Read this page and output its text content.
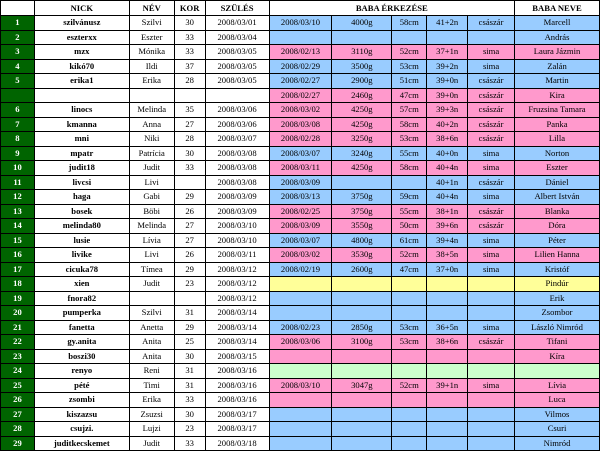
	NICK	NÉV	KOR	SZÜLÉS	BABA ÉRKEZÉSE					BABA NEVE
1	szilvánusz	Szilvi	30	2008/03/01	2008/03/10	4000g	58cm	41+2n	császár	Marcell
2	eszterxx	Eszter	33	2008/03/04						András
3	mzx	Mónika	33	2008/03/05	2008/02/13	3110g	52cm	37+1n	sima	Laura Jázmin
4	kikó70	Ildi	37	2008/03/05	2008/02/29	3500g	53cm	39+2n	sima	Zalán
5	erika1	Erika	28	2008/03/05	2008/02/27	2900g	51cm	39+0n	császár	Martin
					2008/02/27	2460g	47cm	39+0n	császár	Kira
6	linocs	Melinda	35	2008/03/06	2008/03/02	4250g	57cm	39+3n	császár	Fruzsina Tamara
7	kmanna	Anna	27	2008/03/06	2008/03/08	4250g	58cm	40+2n	császár	Panka
8	mni	Niki	28	2008/03/07	2008/02/28	3250g	53cm	38+6n	császár	Lilla
9	mpatr	Patrícia	30	2008/03/08	2008/03/07	3240g	55cm	40+0n	sima	Norton
10	judit18	Judit	33	2008/03/08	2008/03/11	4250g	58cm	40+4n	sima	Eszter
11	livcsi	Livi		2008/03/08	2008/03/09			40+1n	császár	Dániel
12	haga	Gabi	29	2008/03/09	2008/03/13	3750g	59cm	40+4n	sima	Albert István
13	bosek	Böbi	26	2008/03/09	2008/02/25	3750g	55cm	38+1n	császár	Blanka
14	melinda80	Melinda	27	2008/03/10	2008/03/09	3550g	50cm	39+6n	császár	Dóra
15	lusie	Lívia	27	2008/03/10	2008/03/07	4800g	61cm	39+4n	sima	Péter
16	livike	Livi	26	2008/03/11	2008/03/02	3530g	52cm	38+5n	sima	Lilien Hanna
17	cicuka78	Tímea	29	2008/03/12	2008/02/19	2600g	47cm	37+0n	sima	Kristóf
18	xien	Judit	23	2008/03/12						Pindúr
19	fnora82			2008/03/12						Erik
20	pumperka	Szilvi	31	2008/03/14						Zsombor
21	fanetta	Anetta	29	2008/03/14	2008/02/23	2850g	53cm	36+5n	sima	László Nimród
22	gy.anita	Anita	25	2008/03/14	2008/03/06	3100g	53cm	38+6n	császár	Tifani
23	boszi30	Anita	30	2008/03/15						Kíra
24	renyo	Reni	31	2008/03/16						
25	pété	Timi	31	2008/03/16	2008/03/10	3047g	52cm	39+1n	sima	Lívia
26	zsombi	Erika	33	2008/03/16						Luca
27	kiszazsu	Zsuzsi	30	2008/03/17						Vilmos
28	csujzi.	Lujzi	23	2008/03/17						Csuri
29	juditkecskemet	Judit	33	2008/03/18						Nimród
